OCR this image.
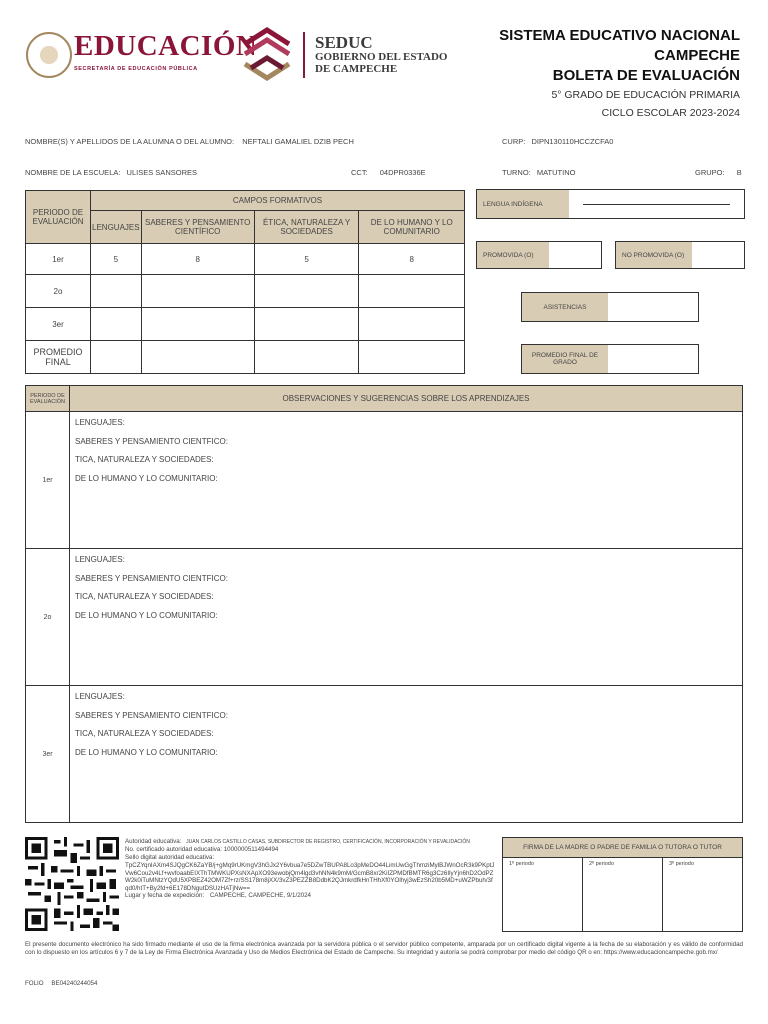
EDUCACIÓN
SECRETARÍA DE EDUCACIÓN PÚBLICA
SEDUC
GOBIERNO DEL ESTADO
DE CAMPECHE
SISTEMA EDUCATIVO NACIONAL
CAMPECHE
BOLETA DE EVALUACIÓN
5° GRADO DE EDUCACIÓN PRIMARIA
CICLO ESCOLAR 2023-2024
NOMBRE(S) Y APELLIDOS DE LA ALUMNA O DEL ALUMNO: NEFTALI GAMALIEL DZIB PECH	CURP: DIPN130110HCCZCFA0
NOMBRE DE LA ESCUELA: ULISES SANSORES	CCT: 04DPR0336E	TURNO: MATUTINO	GRUPO: B
PERIODO DE EVALUACIÓN	CAMPOS FORMATIVOS			
	LENGUAJES	SABERES Y PENSAMIENTO CIENTÍFICO	ÉTICA, NATURALEZA Y SOCIEDADES	DE LO HUMANO Y LO COMUNITARIO
1er	5	8	5	8
2o				
3er				
PROMEDIO FINAL				
LENGUA INDÍGENA
PROMOVIDA (O)	NO PROMOVIDA (O)
ASISTENCIAS
PROMEDIO FINAL DE GRADO
PERIODO DE EVALUACIÓN	OBSERVACIONES Y SUGERENCIAS SOBRE LOS APRENDIZAJES
1er	LENGUAJES:
SABERES Y PENSAMIENTO CIENTFICO:
TICA, NATURALEZA Y SOCIEDADES:
DE LO HUMANO Y LO COMUNITARIO:

2o	LENGUAJES:
SABERES Y PENSAMIENTO CIENTFICO:
TICA, NATURALEZA Y SOCIEDADES:
DE LO HUMANO Y LO COMUNITARIO:

3er	LENGUAJES:
SABERES Y PENSAMIENTO CIENTFICO:
TICA, NATURALEZA Y SOCIEDADES:
DE LO HUMANO Y LO COMUNITARIO:
Autoridad educativa: JUAN CARLOS CASTILLO CASAS, SUBDIRECTOR DE REGISTRO, CERTIFICACIÓN, INCORPORACIÓN Y REVALIDACIÓN
No. certificado autoridad educativa: 1000000511494494
Sello digital autoridad educativa:
TpCZYqnIAXm4SJQgCK6ZaYB/j+gMq9rUKmgV3hGJx2Y6vbua7e5DZwTBUPA8Lo3pMeDO44LimUwGgThmziMylBJWnOcR3k9PKptJVw6Cou2v4Lf+wvfoaabEIXThTMWKUPXsNXApXO93ewobjQm4lgd3vhNN4k9mM/GcmB8xr2KiIZPMDfBMTR6g3Cz6IlyYjn6hD2OdPZW2k0iTuMNtzYQdU5XPBEZ42OM7Zf+rz/SS178m8jXX/3vZ3PEZZB8DdbK2QJmkrdfkHnTHhXf0YOlhyj3wEzSh20b5MD+uWZPbuh/3fqd0/htT+By2fd+6E178DNgutDSUzHATjNw==
Lugar y fecha de expedición: CAMPECHE, CAMPECHE, 9/1/2024
FIRMA DE LA MADRE O PADRE DE FAMILIA O TUTORA O TUTOR
1º periodo	2º periodo	3º periodo
El presente documento electrónico ha sido firmado mediante el uso de la firma electrónica avanzada por la servidora pública o el servidor público competente, amparada por un certificado digital vigente a la fecha de su elaboración y es válido de conformidad con lo dispuesto en los artículos 6 y 7 de la Ley de Firma Electrónica Avanzada y Uso de Medios Electrónica del Estado de Campeche. Su integridad y autoría se podrá comprobar por medio del código QR o en: https://www.educacioncampeche.gob.mx/
FOLIO BE04240244054
